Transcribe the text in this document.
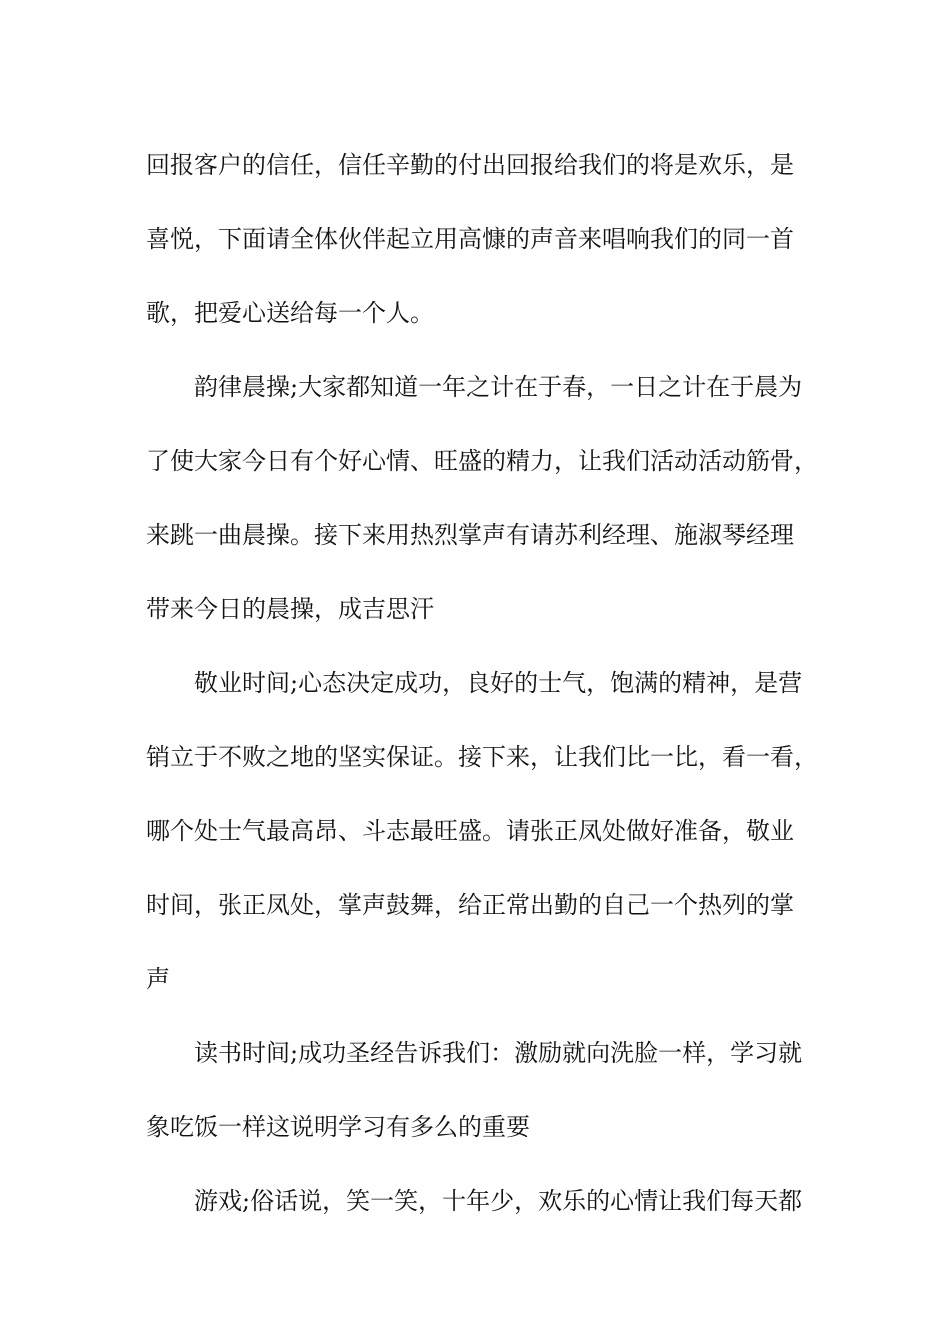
回报客户的信任，信任辛勤的付出回报给我们的将是欢乐，是
喜悦，下面请全体伙伴起立用高慷的声音来唱响我们的同一首
歌，把爱心送给每一个人。
韵律晨操;大家都知道一年之计在于春，一日之计在于晨为
了使大家今日有个好心情、旺盛的精力，让我们活动活动筋骨，
来跳一曲晨操。接下来用热烈掌声有请苏利经理、施淑琴经理
带来今日的晨操，成吉思汗
敬业时间;心态决定成功，良好的士气，饱满的精神，是营
销立于不败之地的坚实保证。接下来，让我们比一比，看一看，
哪个处士气最高昂、斗志最旺盛。请张正凤处做好准备，敬业
时间，张正凤处，掌声鼓舞，给正常出勤的自己一个热列的掌
声
读书时间;成功圣经告诉我们：激励就向洗脸一样，学习就
象吃饭一样这说明学习有多么的重要
游戏;俗话说，笑一笑，十年少，欢乐的心情让我们每天都
